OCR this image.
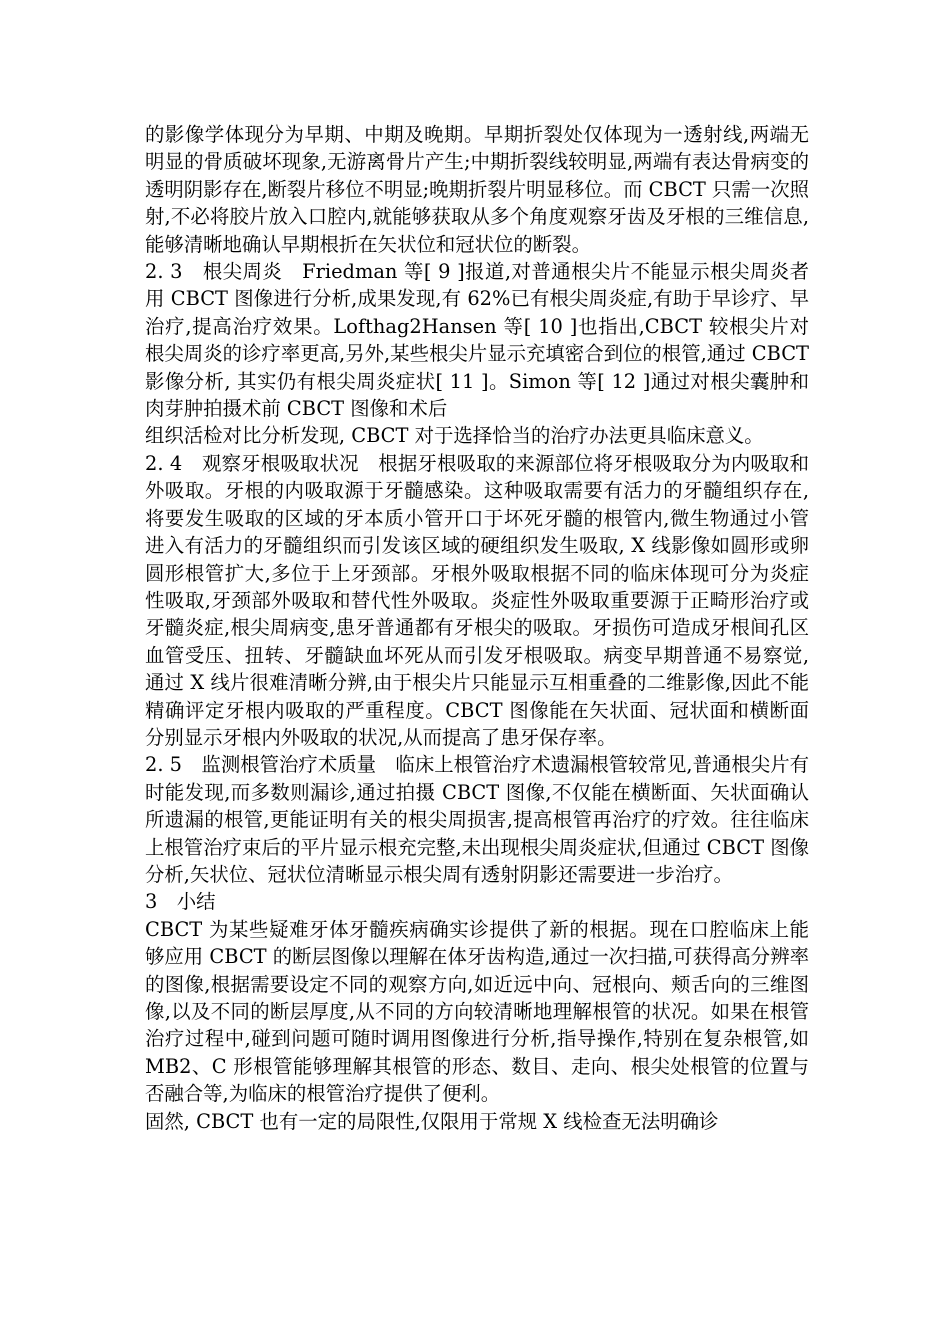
的影像学体现分为早期、中期及晚期。早期折裂处仅体现为一透射线,两端无明显的骨质破坏现象,无游离骨片产生;中期折裂线较明显,两端有表达骨病变的透明阴影存在,断裂片移位不明显;晚期折裂片明显移位。而 CBCT 只需一次照射,不必将胶片放入口腔内,就能够获取从多个角度观察牙齿及牙根的三维信息,能够清晰地确认早期根折在矢状位和冠状位的断裂。

2. 3　根尖周炎　Friedman 等[ 9 ]报道,对普通根尖片不能显示根尖周炎者用 CBCT 图像进行分析,成果发现,有 62%已有根尖周炎症,有助于早诊疗、早治疗,提高治疗效果。Lofthag2Hansen 等[ 10 ]也指出,CBCT 较根尖片对根尖周炎的诊疗率更高,另外,某些根尖片显示充填密合到位的根管,通过 CBCT 影像分析, 其实仍有根尖周炎症状[ 11 ]。Simon 等[ 12 ]通过对根尖囊肿和肉芽肿拍摄术前 CBCT 图像和术后

组织活检对比分析发现, CBCT 对于选择恰当的治疗办法更具临床意义。

2. 4　观察牙根吸取状况　根据牙根吸取的来源部位将牙根吸取分为内吸取和外吸取。牙根的内吸取源于牙髓感染。这种吸取需要有活力的牙髓组织存在,将要发生吸取的区域的牙本质小管开口于坏死牙髓的根管内,微生物通过小管进入有活力的牙髓组织而引发该区域的硬组织发生吸取, X 线影像如圆形或卵圆形根管扩大,多位于上牙颈部。牙根外吸取根据不同的临床体现可分为炎症性吸取,牙颈部外吸取和替代性外吸取。炎症性外吸取重要源于正畸形治疗或牙髓炎症,根尖周病变,患牙普通都有牙根尖的吸取。牙损伤可造成牙根间孔区血管受压、扭转、牙髓缺血坏死从而引发牙根吸取。病变早期普通不易察觉,通过 X 线片很难清晰分辨,由于根尖片只能显示互相重叠的二维影像,因此不能精确评定牙根内吸取的严重程度。CBCT 图像能在矢状面、冠状面和横断面分别显示牙根内外吸取的状况,从而提高了患牙保存率。

2. 5　监测根管治疗术质量　临床上根管治疗术遗漏根管较常见,普通根尖片有时能发现,而多数则漏诊,通过拍摄 CBCT 图像,不仅能在横断面、矢状面确认所遗漏的根管,更能证明有关的根尖周损害,提高根管再治疗的疗效。往往临床上根管治疗束后的平片显示根充完整,未出现根尖周炎症状,但通过 CBCT 图像分析,矢状位、冠状位清晰显示根尖周有透射阴影还需要进一步治疗。

3　小结

CBCT 为某些疑难牙体牙髓疾病确实诊提供了新的根据。现在口腔临床上能够应用 CBCT 的断层图像以理解在体牙齿构造,通过一次扫描,可获得高分辨率的图像,根据需要设定不同的观察方向,如近远中向、冠根向、颊舌向的三维图像,以及不同的断层厚度,从不同的方向较清晰地理解根管的状况。如果在根管治疗过程中,碰到问题可随时调用图像进行分析,指导操作,特别在复杂根管,如 MB2、C 形根管能够理解其根管的形态、数目、走向、根尖处根管的位置与否融合等,为临床的根管治疗提供了便利。

固然, CBCT 也有一定的局限性,仅限用于常规 X 线检查无法明确诊
